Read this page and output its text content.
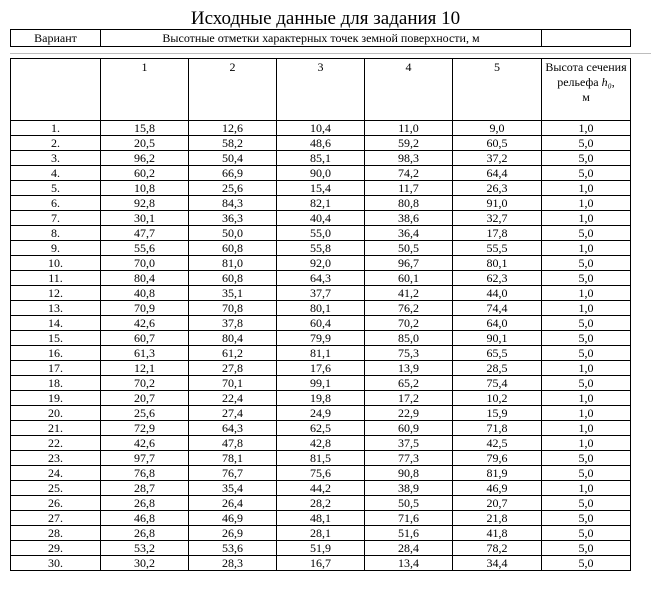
Исходные данные для задания 10
Вариант	Высотные отметки характерных точек земной поверхности, м	
	1	2	3	4	5	Высота сечения рельефа h₀,
м
1.	15,8	12,6	10,4	11,0	9,0	1,0
2.	20,5	58,2	48,6	59,2	60,5	5,0
3.	96,2	50,4	85,1	98,3	37,2	5,0
4.	60,2	66,9	90,0	74,2	64,4	5,0
5.	10,8	25,6	15,4	11,7	26,3	1,0
6.	92,8	84,3	82,1	80,8	91,0	1,0
7.	30,1	36,3	40,4	38,6	32,7	1,0
8.	47,7	50,0	55,0	36,4	17,8	5,0
9.	55,6	60,8	55,8	50,5	55,5	1,0
10.	70,0	81,0	92,0	96,7	80,1	5,0
11.	80,4	60,8	64,3	60,1	62,3	5,0
12.	40,8	35,1	37,7	41,2	44,0	1,0
13.	70,9	70,8	80,1	76,2	74,4	1,0
14.	42,6	37,8	60,4	70,2	64,0	5,0
15.	60,7	80,4	79,9	85,0	90,1	5,0
16.	61,3	61,2	81,1	75,3	65,5	5,0
17.	12,1	27,8	17,6	13,9	28,5	1,0
18.	70,2	70,1	99,1	65,2	75,4	5,0
19.	20,7	22,4	19,8	17,2	10,2	1,0
20.	25,6	27,4	24,9	22,9	15,9	1,0
21.	72,9	64,3	62,5	60,9	71,8	1,0
22.	42,6	47,8	42,8	37,5	42,5	1,0
23.	97,7	78,1	81,5	77,3	79,6	5,0
24.	76,8	76,7	75,6	90,8	81,9	5,0
25.	28,7	35,4	44,2	38,9	46,9	1,0
26.	26,8	26,4	28,2	50,5	20,7	5,0
27.	46,8	46,9	48,1	71,6	21,8	5,0
28.	26,8	26,9	28,1	51,6	41,8	5,0
29.	53,2	53,6	51,9	28,4	78,2	5,0
30.	30,2	28,3	16,7	13,4	34,4	5,0
